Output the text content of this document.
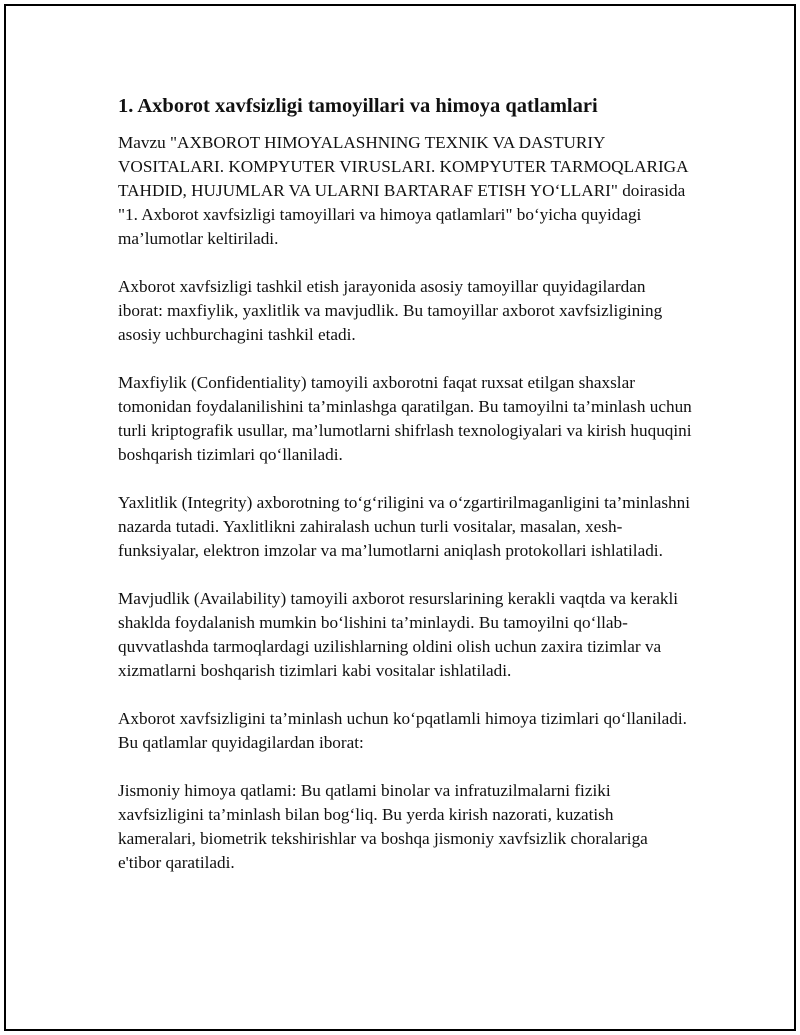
1. Axborot xavfsizligi tamoyillari va himoya qatlamlari

Mavzu "AXBOROT HIMOYALASHNING TEXNIK VA DASTURIY VOSITALARI. KOMPYUTER VIRUSLARI. KOMPYUTER TARMOQLARIGA TAHDID, HUJUMLAR VA ULARNI BARTARAF ETISH YO‘LLARI" doirasida "1. Axborot xavfsizligi tamoyillari va himoya qatlamlari" bo‘yicha quyidagi ma’lumotlar keltiriladi.

Axborot xavfsizligi tashkil etish jarayonida asosiy tamoyillar quyidagilardan iborat: maxfiylik, yaxlitlik va mavjudlik. Bu tamoyillar axborot xavfsizligining asosiy uchburchagini tashkil etadi.

Maxfiylik (Confidentiality) tamoyili axborotni faqat ruxsat etilgan shaxslar tomonidan foydalanilishini ta’minlashga qaratilgan. Bu tamoyilni ta’minlash uchun turli kriptografik usullar, ma’lumotlarni shifrlash texnologiyalari va kirish huquqini boshqarish tizimlari qo‘llaniladi.

Yaxlitlik (Integrity) axborotning to‘g‘riligini va o‘zgartirilmaganligini ta’minlashni nazarda tutadi. Yaxlitlikni zahiralash uchun turli vositalar, masalan, xesh-funksiyalar, elektron imzolar va ma’lumotlarni aniqlash protokollari ishlatiladi.

Mavjudlik (Availability) tamoyili axborot resurslarining kerakli vaqtda va kerakli shaklda foydalanish mumkin bo‘lishini ta’minlaydi. Bu tamoyilni qo‘llab-quvvatlashda tarmoqlardagi uzilishlarning oldini olish uchun zaxira tizimlar va xizmatlarni boshqarish tizimlari kabi vositalar ishlatiladi.

Axborot xavfsizligini ta’minlash uchun ko‘pqatlamli himoya tizimlari qo‘llaniladi. Bu qatlamlar quyidagilardan iborat:

Jismoniy himoya qatlami: Bu qatlami binolar va infratuzilmalarni fiziki xavfsizligini ta’minlash bilan bog‘liq. Bu yerda kirish nazorati, kuzatish kameralari, biometrik tekshirishlar va boshqa jismoniy xavfsizlik choralariga e'tibor qaratiladi.
